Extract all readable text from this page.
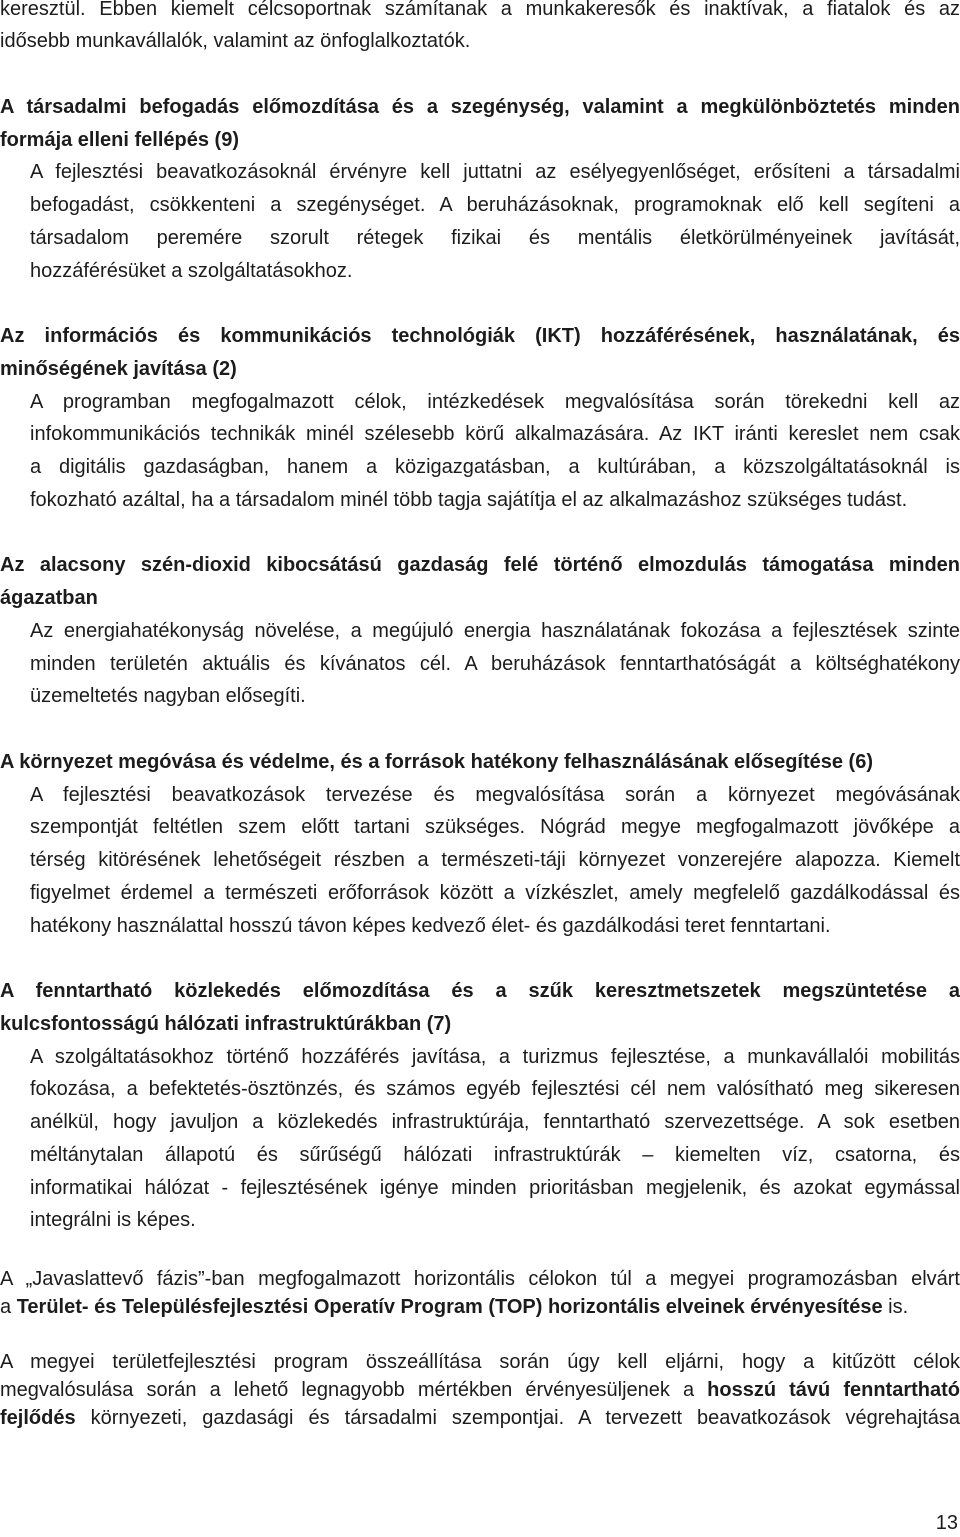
keresztül. Ebben kiemelt célcsoportnak számítanak a munkakeresők és inaktívak, a fiatalok és az
idősebb munkavállalók, valamint az önfoglalkoztatók.
A társadalmi befogadás előmozdítása és a szegénység, valamint a megkülönböztetés minden
formája elleni fellépés (9)
A fejlesztési beavatkozásoknál érvényre kell juttatni az esélyegyenlőséget, erősíteni a társadalmi
befogadást, csökkenteni a szegénységet. A beruházásoknak, programoknak elő kell segíteni a
társadalom peremére szorult rétegek fizikai és mentális életkörülményeinek javítását,
hozzáférésüket a szolgáltatásokhoz.
Az információs és kommunikációs technológiák (IKT) hozzáférésének, használatának, és
minőségének javítása (2)
A programban megfogalmazott célok, intézkedések megvalósítása során törekedni kell az
infokommunikációs technikák minél szélesebb körű alkalmazására. Az IKT iránti kereslet nem csak
a digitális gazdaságban, hanem a közigazgatásban, a kultúrában, a közszolgáltatásoknál is
fokozható azáltal, ha a társadalom minél több tagja sajátítja el az alkalmazáshoz szükséges tudást.
Az alacsony szén-dioxid kibocsátású gazdaság felé történő elmozdulás támogatása minden
ágazatban
Az energiahatékonyság növelése, a megújuló energia használatának fokozása a fejlesztések szinte
minden területén aktuális és kívánatos cél. A beruházások fenntarthatóságát a költséghatékony
üzemeltetés nagyban elősegíti.
A környezet megóvása és védelme, és a források hatékony felhasználásának elősegítése (6)
A fejlesztési beavatkozások tervezése és megvalósítása során a környezet megóvásának
szempontját feltétlen szem előtt tartani szükséges. Nógrád megye megfogalmazott jövőképe a
térség kitörésének lehetőségeit részben a természeti-táji környezet vonzerejére alapozza. Kiemelt
figyelmet érdemel a természeti erőforrások között a vízkészlet, amely megfelelő gazdálkodással és
hatékony használattal hosszú távon képes kedvező élet- és gazdálkodási teret fenntartani.
A fenntartható közlekedés előmozdítása és a szűk keresztmetszetek megszüntetése a
kulcsfontosságú hálózati infrastruktúrákban (7)
A szolgáltatásokhoz történő hozzáférés javítása, a turizmus fejlesztése, a munkavállalói mobilitás
fokozása, a befektetés-ösztönzés, és számos egyéb fejlesztési cél nem valósítható meg sikeresen
anélkül, hogy javuljon a közlekedés infrastruktúrája, fenntartható szervezettsége. A sok esetben
méltánytalan állapotú és sűrűségű hálózati infrastruktúrák – kiemelten víz, csatorna, és
informatikai hálózat - fejlesztésének igénye minden prioritásban megjelenik, és azokat egymással
integrálni is képes.
A „Javaslattevő fázis”-ban megfogalmazott horizontális célokon túl a megyei programozásban elvárt
a Terület- és Településfejlesztési Operatív Program (TOP) horizontális elveinek érvényesítése is.
A megyei területfejlesztési program összeállítása során úgy kell eljárni, hogy a kitűzött célok
megvalósulása során a lehető legnagyobb mértékben érvényesüljenek a hosszú távú fenntartható
fejlődés környezeti, gazdasági és társadalmi szempontjai. A tervezett beavatkozások végrehajtása
13
